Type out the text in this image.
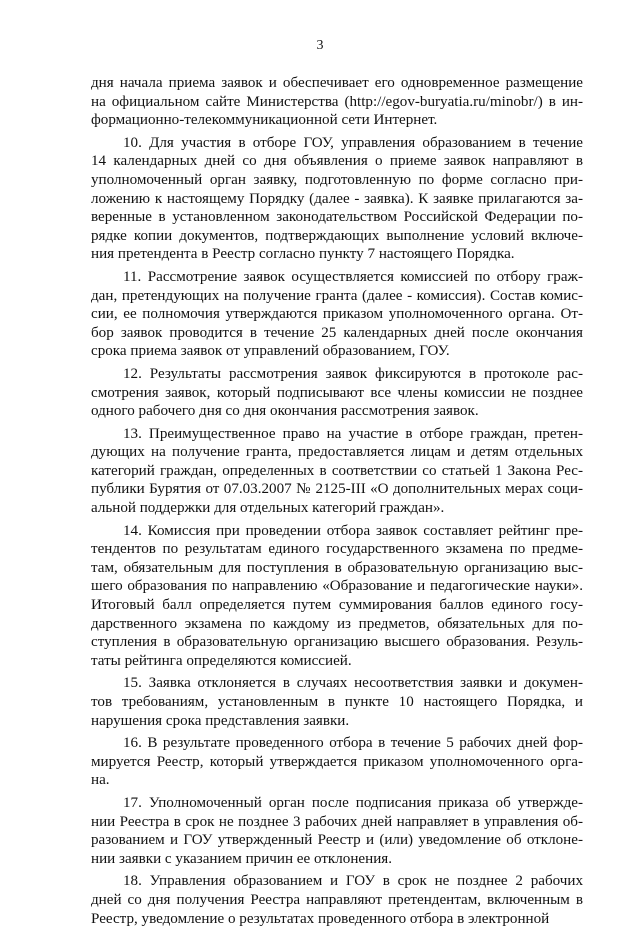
3
дня начала приема заявок и обеспечивает его одновременное размещение
на официальном сайте Министерства (http://egov-buryatia.ru/minobr/) в ин-
формационно-телекоммуникационной сети Интернет.
10. Для участия в отборе ГОУ, управления образованием в течение
14 календарных дней со дня объявления о приеме заявок направляют в
уполномоченный орган заявку, подготовленную по форме согласно при-
ложению к настоящему Порядку (далее - заявка). К заявке прилагаются за-
веренные в установленном законодательством Российской Федерации по-
рядке копии документов, подтверждающих выполнение условий включе-
ния претендента в Реестр согласно пункту 7 настоящего Порядка.
11. Рассмотрение заявок осуществляется комиссией по отбору граж-
дан, претендующих на получение гранта (далее - комиссия). Состав комис-
сии, ее полномочия утверждаются приказом уполномоченного органа. От-
бор заявок проводится в течение 25 календарных дней после окончания
срока приема заявок от управлений образованием, ГОУ.
12. Результаты рассмотрения заявок фиксируются в протоколе рас-
смотрения заявок, который подписывают все члены комиссии не позднее
одного рабочего дня со дня окончания рассмотрения заявок.
13. Преимущественное право на участие в отборе граждан, претен-
дующих на получение гранта, предоставляется лицам и детям отдельных
категорий граждан, определенных в соответствии со статьей 1 Закона Рес-
публики Бурятия от 07.03.2007 № 2125-III «О дополнительных мерах соци-
альной поддержки для отдельных категорий граждан».
14. Комиссия при проведении отбора заявок составляет рейтинг пре-
тендентов по результатам единого государственного экзамена по предме-
там, обязательным для поступления в образовательную организацию выс-
шего образования по направлению «Образование и педагогические науки».
Итоговый балл определяется путем суммирования баллов единого госу-
дарственного экзамена по каждому из предметов, обязательных для по-
ступления в образовательную организацию высшего образования. Резуль-
таты рейтинга определяются комиссией.
15. Заявка отклоняется в случаях несоответствия заявки и докумен-
тов требованиям, установленным в пункте 10 настоящего Порядка, и
нарушения срока представления заявки.
16. В результате проведенного отбора в течение 5 рабочих дней фор-
мируется Реестр, который утверждается приказом уполномоченного орга-
на.
17. Уполномоченный орган после подписания приказа об утвержде-
нии Реестра в срок не позднее 3 рабочих дней направляет в управления об-
разованием и ГОУ утвержденный Реестр и (или) уведомление об отклоне-
нии заявки с указанием причин ее отклонения.
18. Управления образованием и ГОУ в срок не позднее 2 рабочих
дней со дня получения Реестра направляют претендентам, включенным в
Реестр, уведомление о результатах проведенного отбора в электронной
